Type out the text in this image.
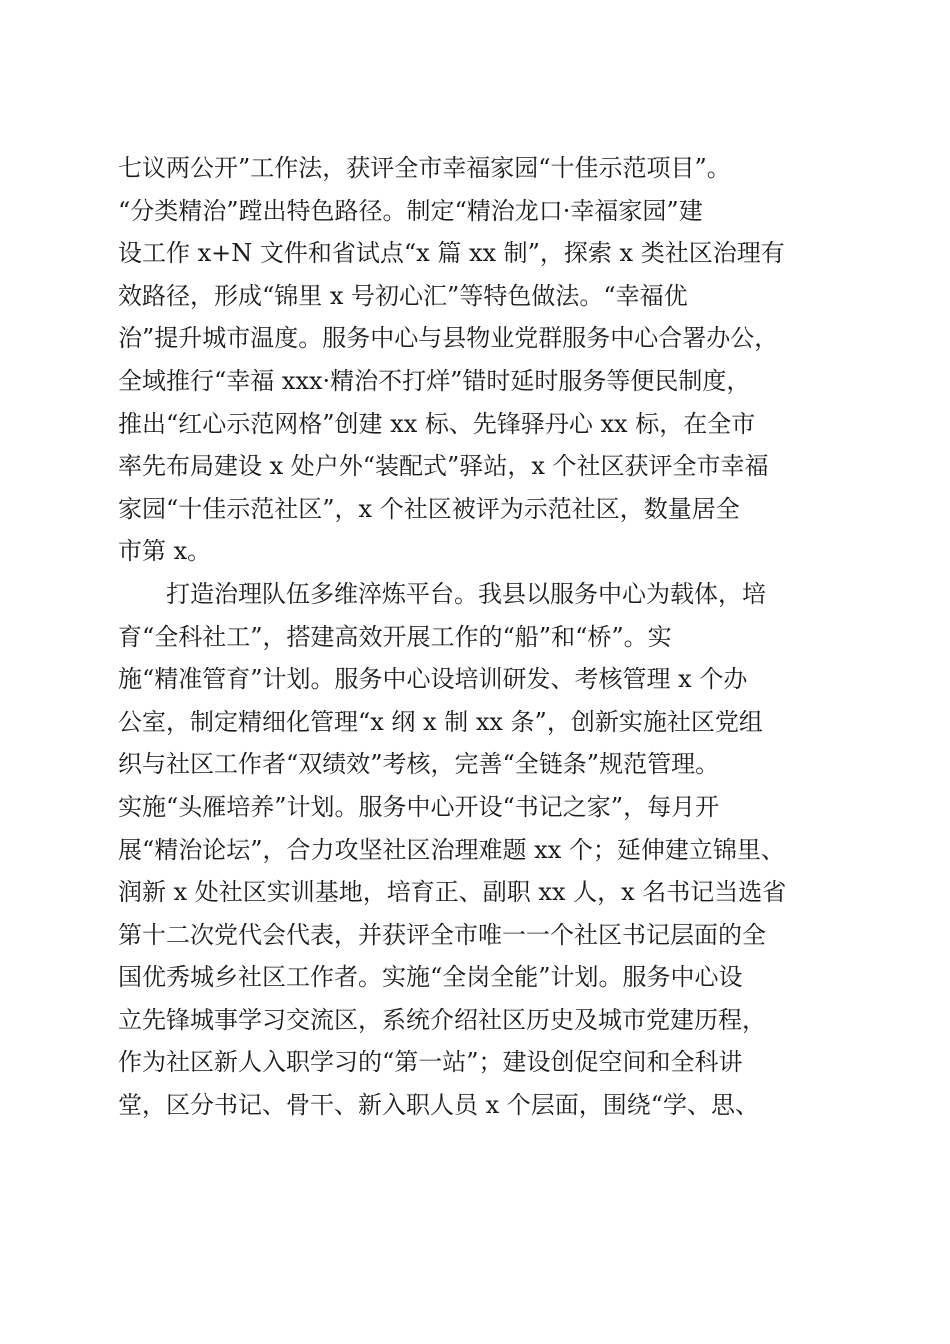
七议两公开”工作法，获评全市幸福家园“十佳示范项目”。
“分类精治”蹚出特色路径。制定“精治龙口·幸福家园”建
设工作 x+N 文件和省试点“x 篇 xx 制”，探索 x 类社区治理有
效路径，形成“锦里 x 号初心汇”等特色做法。“幸福优
治”提升城市温度。服务中心与县物业党群服务中心合署办公，
全域推行“幸福 xxx·精治不打烊”错时延时服务等便民制度，
推出“红心示范网格”创建 xx 标、先锋驿丹心 xx 标，在全市
率先布局建设 x 处户外“装配式”驿站，x 个社区获评全市幸福
家园“十佳示范社区”，x 个社区被评为示范社区，数量居全
市第 x。
打造治理队伍多维淬炼平台。我县以服务中心为载体，培
育“全科社工”，搭建高效开展工作的“船”和“桥”。实
施“精准管育”计划。服务中心设培训研发、考核管理 x 个办
公室，制定精细化管理“x 纲 x 制 xx 条”，创新实施社区党组
织与社区工作者“双绩效”考核，完善“全链条”规范管理。
实施“头雁培养”计划。服务中心开设“书记之家”，每月开
展“精治论坛”，合力攻坚社区治理难题 xx 个；延伸建立锦里、
润新 x 处社区实训基地，培育正、副职 xx 人，x 名书记当选省
第十二次党代会代表，并获评全市唯一一个社区书记层面的全
国优秀城乡社区工作者。实施“全岗全能”计划。服务中心设
立先锋城事学习交流区，系统介绍社区历史及城市党建历程，
作为社区新人入职学习的“第一站”；建设创促空间和全科讲
堂，区分书记、骨干、新入职人员 x 个层面，围绕“学、思、
